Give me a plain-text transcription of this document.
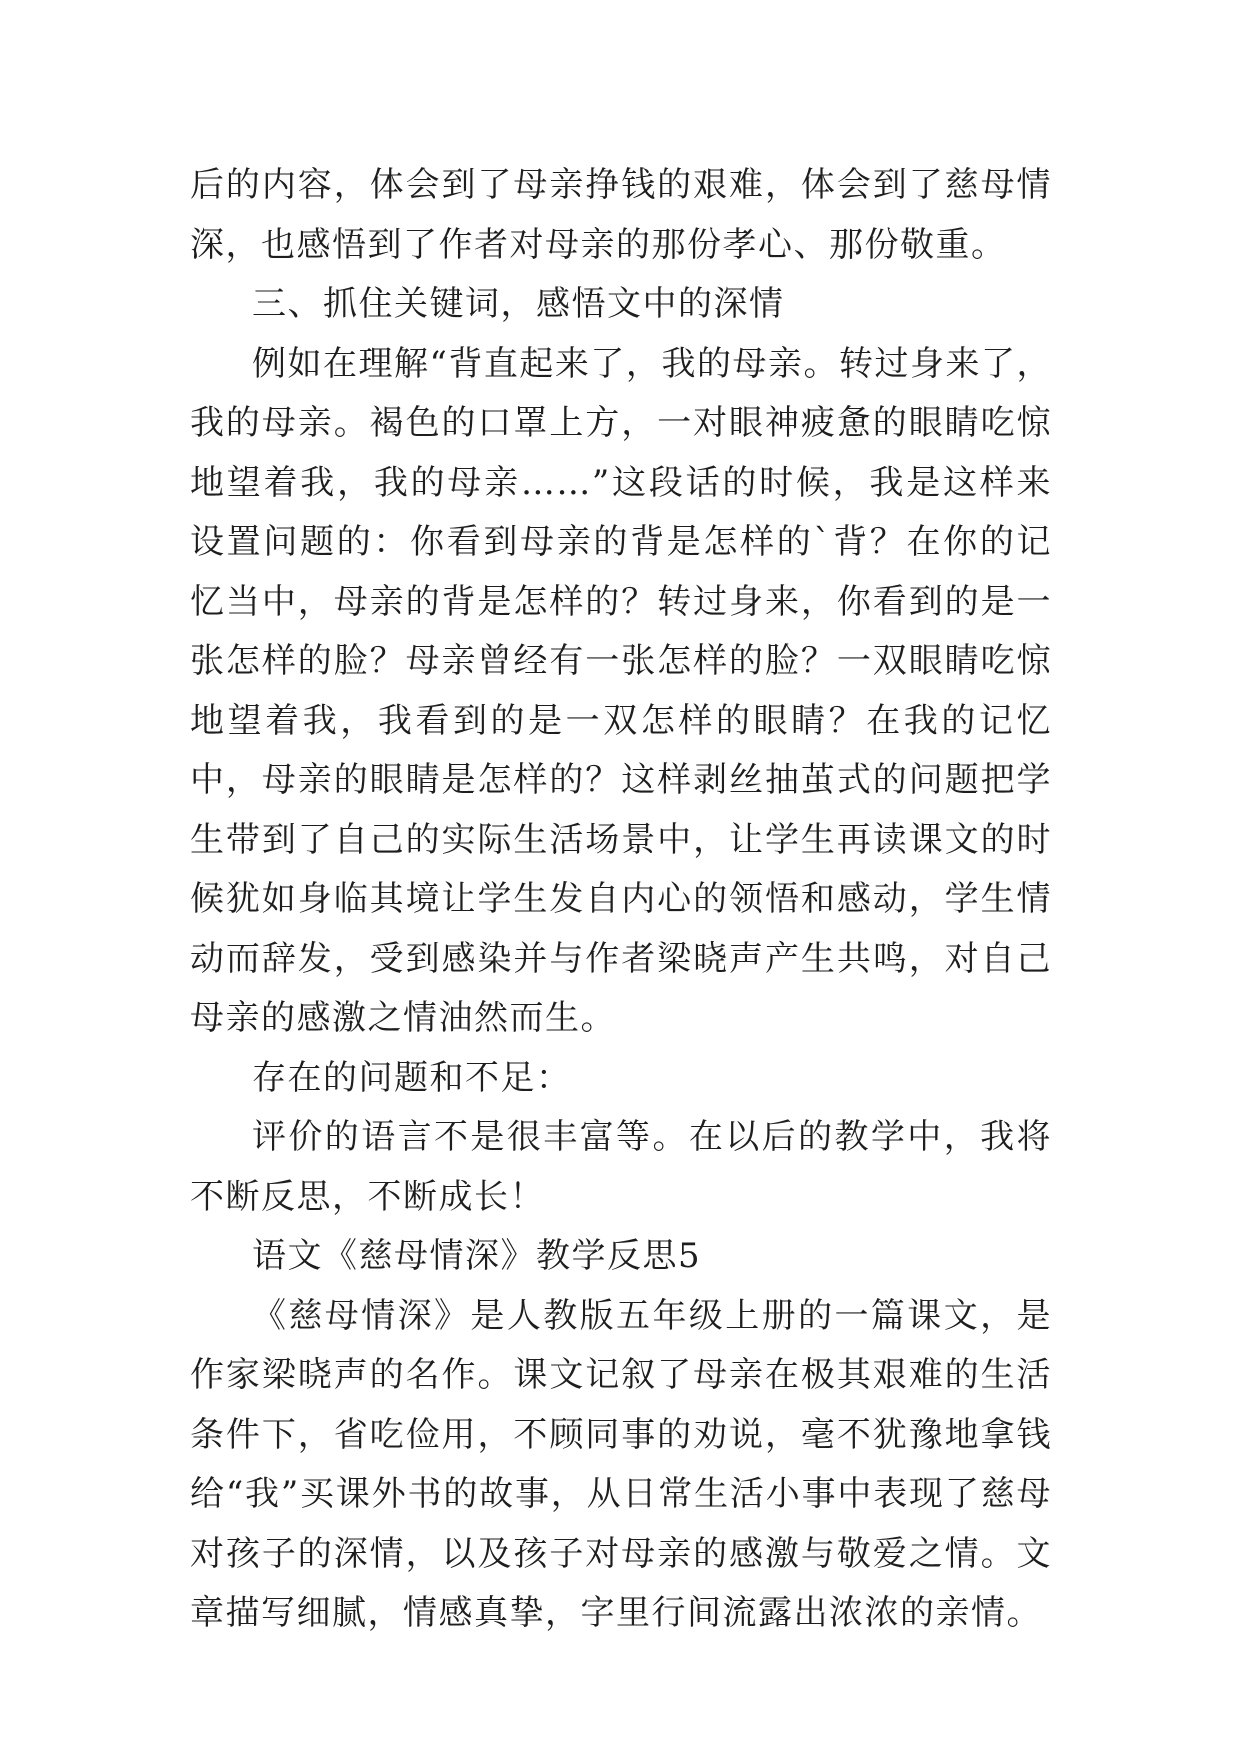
后的内容，体会到了母亲挣钱的艰难，体会到了慈母情深，也感悟到了作者对母亲的那份孝心、那份敬重。

三、抓住关键词，感悟文中的深情

例如在理解“背直起来了，我的母亲。转过身来了，我的母亲。褐色的口罩上方，一对眼神疲惫的眼睛吃惊地望着我，我的母亲……”这段话的时候，我是这样来设置问题的：你看到母亲的背是怎样的`背？在你的记忆当中，母亲的背是怎样的？转过身来，你看到的是一张怎样的脸？母亲曾经有一张怎样的脸？一双眼睛吃惊地望着我，我看到的是一双怎样的眼睛？在我的记忆中，母亲的眼睛是怎样的？这样剥丝抽茧式的问题把学生带到了自己的实际生活场景中，让学生再读课文的时候犹如身临其境让学生发自内心的领悟和感动，学生情动而辞发，受到感染并与作者梁晓声产生共鸣，对自己母亲的感激之情油然而生。

存在的问题和不足：

评价的语言不是很丰富等。在以后的教学中，我将不断反思，不断成长！

语文《慈母情深》教学反思5

《慈母情深》是人教版五年级上册的一篇课文，是作家梁晓声的名作。课文记叙了母亲在极其艰难的生活条件下，省吃俭用，不顾同事的劝说，毫不犹豫地拿钱给“我”买课外书的故事，从日常生活小事中表现了慈母对孩子的深情，以及孩子对母亲的感激与敬爱之情。文章描写细腻，情感真挚，字里行间流露出浓浓的亲情。
